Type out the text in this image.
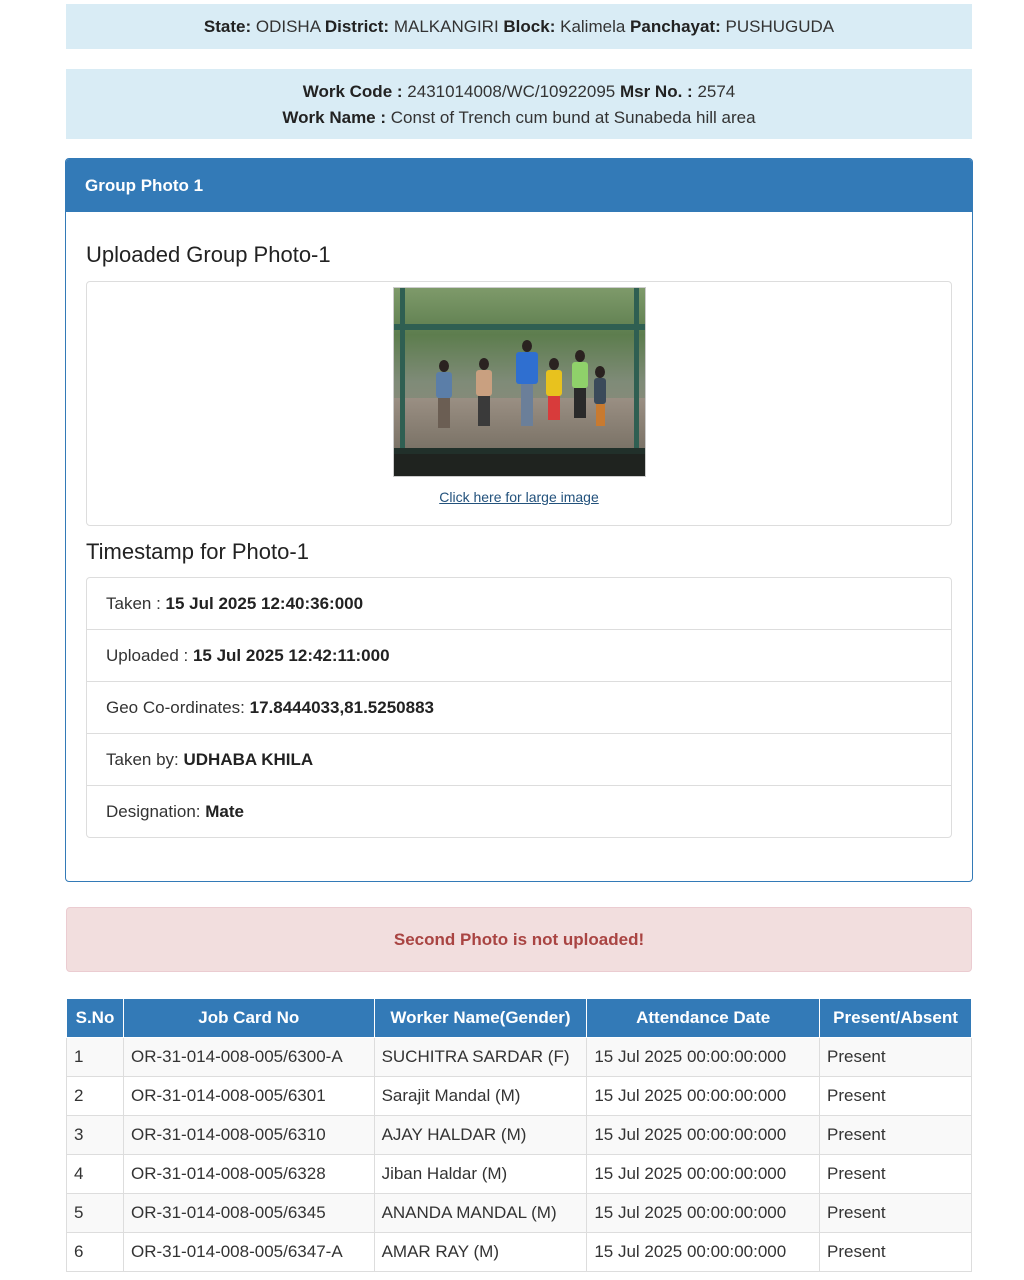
State: ODISHA District: MALKANGIRI Block: Kalimela Panchayat: PUSHUGUDA
Work Code : 2431014008/WC/10922095 Msr No. : 2574
Work Name : Const of Trench cum bund at Sunabeda hill area
Group Photo 1
Uploaded Group Photo-1
Click here for large image
Timestamp for Photo-1
Taken : 15 Jul 2025 12:40:36:000
Uploaded : 15 Jul 2025 12:42:11:000
Geo Co-ordinates: 17.8444033,81.5250883
Taken by: UDHABA KHILA
Designation: Mate
Second Photo is not uploaded!
S.No	Job Card No	Worker Name(Gender)	Attendance Date	Present/Absent
1	OR-31-014-008-005/6300-A	SUCHITRA SARDAR (F)	15 Jul 2025 00:00:00:000	Present
2	OR-31-014-008-005/6301	Sarajit Mandal (M)	15 Jul 2025 00:00:00:000	Present
3	OR-31-014-008-005/6310	AJAY HALDAR (M)	15 Jul 2025 00:00:00:000	Present
4	OR-31-014-008-005/6328	Jiban Haldar (M)	15 Jul 2025 00:00:00:000	Present
5	OR-31-014-008-005/6345	ANANDA MANDAL (M)	15 Jul 2025 00:00:00:000	Present
6	OR-31-014-008-005/6347-A	AMAR RAY (M)	15 Jul 2025 00:00:00:000	Present
